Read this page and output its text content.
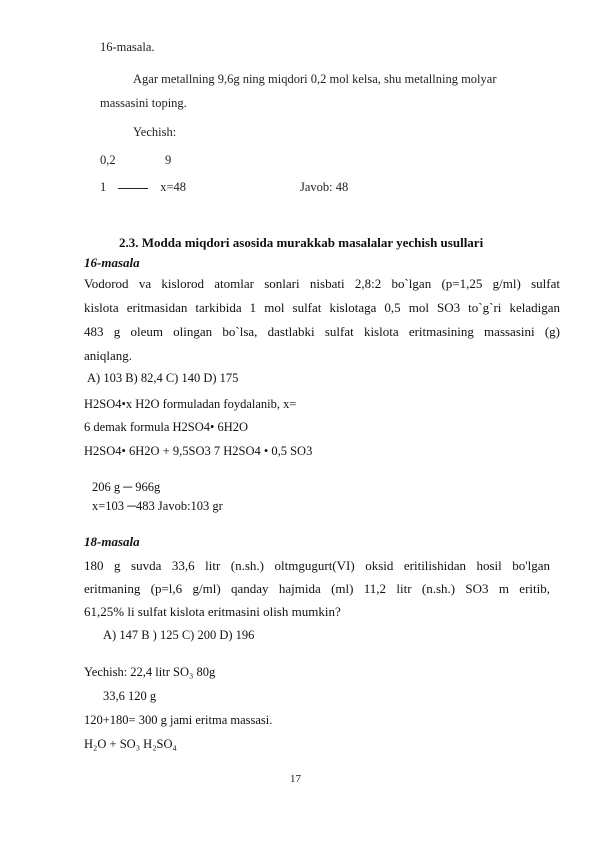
16-masala.
Agar metallning 9,6g ning miqdori 0,2 mol kelsa, shu metallning molyar
massasini toping.
Yechish:
0,2	9
1	x=48	Javob: 48
2.3. Modda miqdori asosida murakkab masalalar yechish usullari
16-masala
Vodorod va kislorod atomlar sonlari nisbati 2,8:2 bo`lgan (p=1,25 g/ml) sulfat
kislota eritmasidan tarkibida 1 mol sulfat kislotaga 0,5 mol SO3 to`g`ri keladigan
483 g oleum olingan bo`lsa, dastlabki sulfat kislota eritmasining massasini (g)
aniqlang.
A) 103 B) 82,4 C) 140 D) 175
H2SO4•x H2O formuladan foydalanib, x=
6 demak formula H2SO4• 6H2O
H2SO4• 6H2O + 9,5SO3 7 H2SO4 • 0,5 SO3
206 g ─ 966g
x=103 ─483 Javob:103 gr
18-masala
180 g suvda 33,6 litr (n.sh.) oltmgugurt(VI) oksid eritilishidan hosil bo'lgan
eritmaning (p=l,6 g/ml) qanday hajmida (ml) 11,2 litr (n.sh.) SO3 m eritib,
61,25% li sulfat kislota eritmasini olish mumkin?
A) 147 B ) 125 C) 200 D) 196
Yechish: 22,4 litr SO₃ 80g
33,6 120 g
120+180= 300 g jami eritma massasi.
H₂O + SO₃ H₂SO₄
17
